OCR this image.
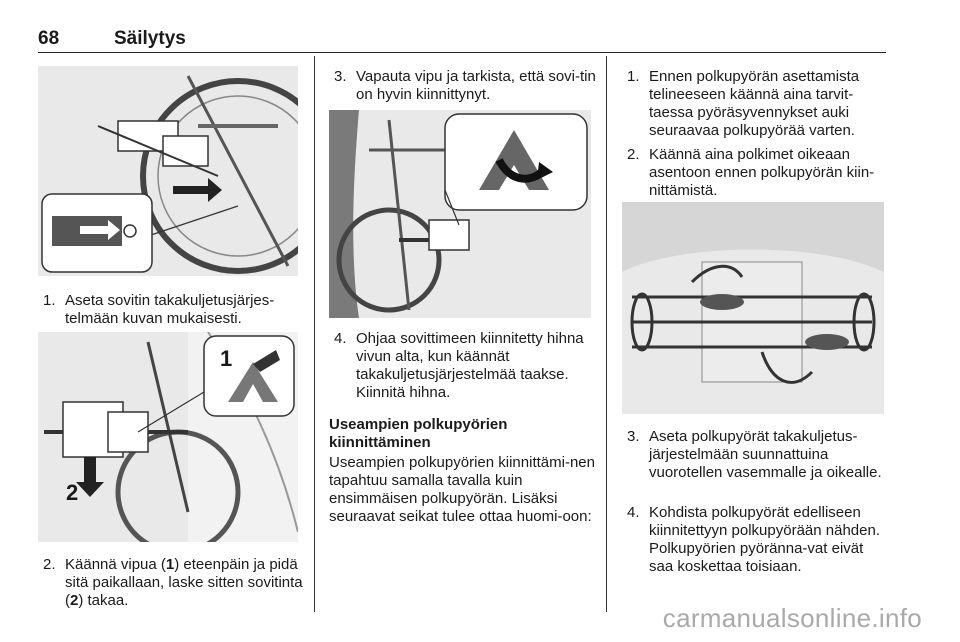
68	Säilytys
1. Aseta sovitin takakuljetusjärjes-telmään kuvan mukaisesti.
1
2
2. Käännä vipua (1) eteenpäin ja pidä sitä paikallaan, laske sitten sovitinta (2) takaa.
3. Vapauta vipu ja tarkista, että sovi-tin on hyvin kiinnittynyt.
4. Ohjaa sovittimeen kiinnitetty hihna vivun alta, kun käännät takakuljetusjärjestelmää taakse. Kiinnitä hihna.
Useampien polkupyörien kiinnittäminen
Useampien polkupyörien kiinnittämi-nen tapahtuu samalla tavalla kuin ensimmäisen polkupyörän. Lisäksi seuraavat seikat tulee ottaa huomi-oon:
1. Ennen polkupyörän asettamista telineeseen käännä aina tarvit-taessa pyöräsyvennykset auki seuraavaa polkupyörää varten.
2. Käännä aina polkimet oikeaan asentoon ennen polkupyörän kiin-nittämistä.
3. Aseta polkupyörät takakuljetus-järjestelmään suunnattuina vuorotellen vasemmalle ja oikealle.
4. Kohdista polkupyörät edelliseen kiinnitettyyn polkupyörään nähden. Polkupyörien pyöränna-vat eivät saa koskettaa toisiaan.
carmanualsonline.info
